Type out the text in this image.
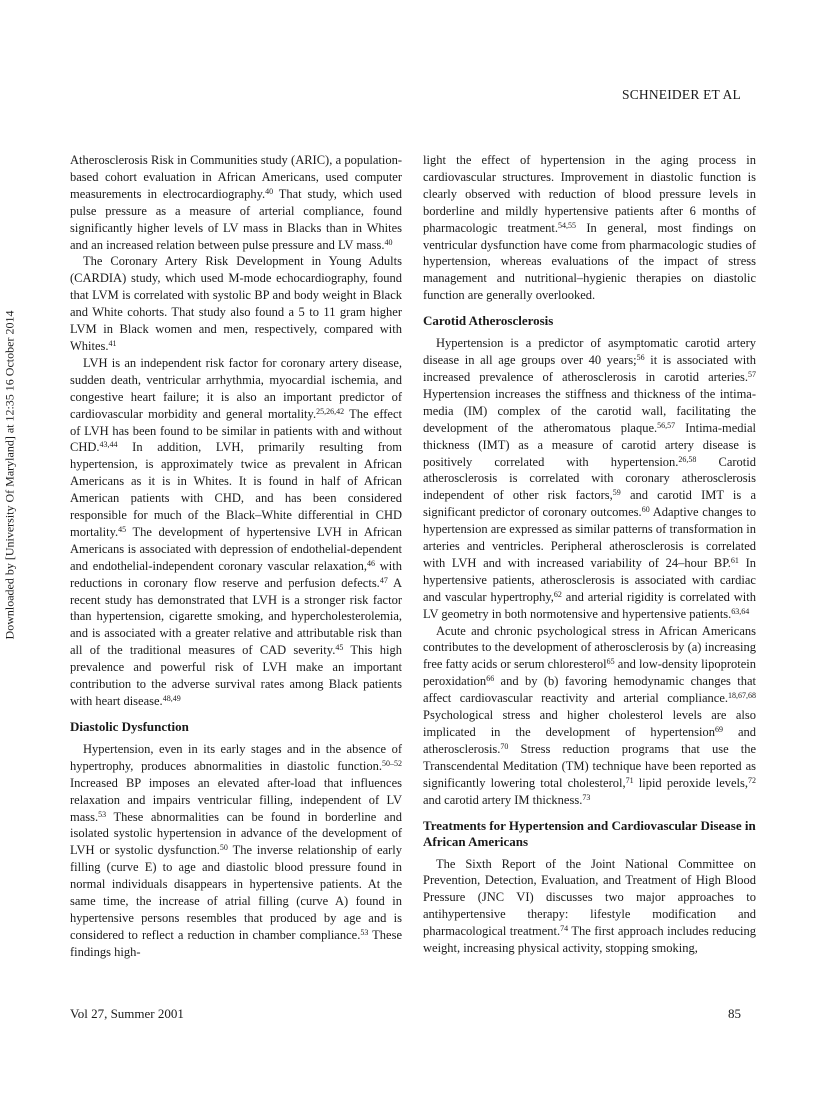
SCHNEIDER ET AL
Downloaded by [University Of Maryland] at 12:35 16 October 2014

Atherosclerosis Risk in Communities study (ARIC), a population-based cohort evaluation in African Americans, used computer measurements in electrocardiography.$^{40}$ That study, which used pulse pressure as a measure of arterial compliance, found significantly higher levels of LV mass in Blacks than in Whites and an increased relation between pulse pressure and LV mass.$^{40}$

The Coronary Artery Risk Development in Young Adults (CARDIA) study, which used M-mode echocardiography, found that LVM is correlated with systolic BP and body weight in Black and White cohorts. That study also found a 5 to 11 gram higher LVM in Black women and men, respectively, compared with Whites.$^{41}$

LVH is an independent risk factor for coronary artery disease, sudden death, ventricular arrhythmia, myocardial ischemia, and congestive heart failure; it is also an important predictor of cardiovascular morbidity and general mortality.$^{25,26,42}$ The effect of LVH has been found to be similar in patients with and without CHD.$^{43,44}$ In addition, LVH, primarily resulting from hypertension, is approximately twice as prevalent in African Americans as it is in Whites. It is found in half of African American patients with CHD, and has been considered responsible for much of the Black–White differential in CHD mortality.$^{45}$ The development of hypertensive LVH in African Americans is associated with depression of endothelial-dependent and endothelial-independent coronary vascular relaxation,$^{46}$ with reductions in coronary flow reserve and perfusion defects.$^{47}$ A recent study has demonstrated that LVH is a stronger risk factor than hypertension, cigarette smoking, and hypercholesterolemia, and is associated with a greater relative and attributable risk than all of the traditional measures of CAD severity.$^{45}$ This high prevalence and powerful risk of LVH make an important contribution to the adverse survival rates among Black patients with heart disease.$^{48,49}$

Diastolic Dysfunction

Hypertension, even in its early stages and in the absence of hypertrophy, produces abnormalities in diastolic function.$^{50-52}$ Increased BP imposes an elevated after-load that influences relaxation and impairs ventricular filling, independent of LV mass.$^{53}$ These abnormalities can be found in borderline and isolated systolic hypertension in advance of the development of LVH or systolic dysfunction.$^{50}$ The inverse relationship of early filling (curve E) to age and diastolic blood pressure found in normal individuals disappears in hypertensive patients. At the same time, the increase of atrial filling (curve A) found in hypertensive persons resembles that produced by age and is considered to reflect a reduction in chamber compliance.$^{53}$ These findings high-

light the effect of hypertension in the aging process in cardiovascular structures. Improvement in diastolic function is clearly observed with reduction of blood pressure levels in borderline and mildly hypertensive patients after 6 months of pharmacologic treatment.$^{54,55}$ In general, most findings on ventricular dysfunction have come from pharmacologic studies of hypertension, whereas evaluations of the impact of stress management and nutritional–hygienic therapies on diastolic function are generally overlooked.

Carotid Atherosclerosis

Hypertension is a predictor of asymptomatic carotid artery disease in all age groups over 40 years;$^{56}$ it is associated with increased prevalence of atherosclerosis in carotid arteries.$^{57}$ Hypertension increases the stiffness and thickness of the intima-media (IM) complex of the carotid wall, facilitating the development of the atheromatous plaque.$^{56,57}$ Intima-medial thickness (IMT) as a measure of carotid artery disease is positively correlated with hypertension.$^{26,58}$ Carotid atherosclerosis is correlated with coronary atherosclerosis independent of other risk factors,$^{59}$ and carotid IMT is a significant predictor of coronary outcomes.$^{60}$ Adaptive changes to hypertension are expressed as similar patterns of transformation in arteries and ventricles. Peripheral atherosclerosis is correlated with LVH and with increased variability of 24–hour BP.$^{61}$ In hypertensive patients, atherosclerosis is associated with cardiac and vascular hypertrophy,$^{62}$ and arterial rigidity is correlated with LV geometry in both normotensive and hypertensive patients.$^{63,64}$

Acute and chronic psychological stress in African Americans contributes to the development of atherosclerosis by (a) increasing free fatty acids or serum chloresterol$^{65}$ and low-density lipoprotein peroxidation$^{66}$ and by (b) favoring hemodynamic changes that affect cardiovascular reactivity and arterial compliance.$^{18,67,68}$ Psychological stress and higher cholesterol levels are also implicated in the development of hypertension$^{69}$ and atherosclerosis.$^{70}$ Stress reduction programs that use the Transcendental Meditation (TM) technique have been reported as significantly lowering total cholesterol,$^{71}$ lipid peroxide levels,$^{72}$ and carotid artery IM thickness.$^{73}$

Treatments for Hypertension and Cardiovascular Disease in African Americans

The Sixth Report of the Joint National Committee on Prevention, Detection, Evaluation, and Treatment of High Blood Pressure (JNC VI) discusses two major approaches to antihypertensive therapy: lifestyle modification and pharmacological treatment.$^{74}$ The first approach includes reducing weight, increasing physical activity, stopping smoking,

Vol 27, Summer 2001	85
